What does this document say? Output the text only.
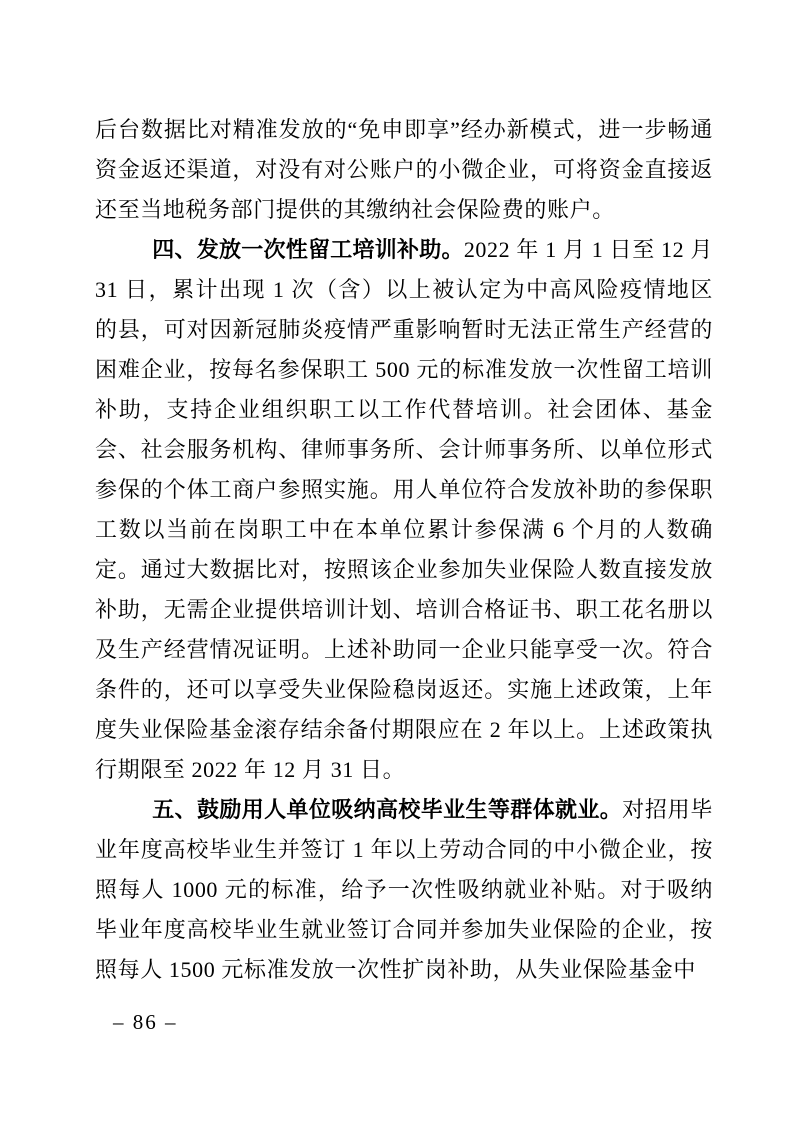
后台数据比对精准发放的“免申即享”经办新模式，进一步畅通资金返还渠道，对没有对公账户的小微企业，可将资金直接返还至当地税务部门提供的其缴纳社会保险费的账户。

四、发放一次性留工培训补助。2022 年 1 月 1 日至 12 月 31 日，累计出现 1 次（含）以上被认定为中高风险疫情地区的县，可对因新冠肺炎疫情严重影响暂时无法正常生产经营的困难企业，按每名参保职工 500 元的标准发放一次性留工培训补助，支持企业组织职工以工作代替培训。社会团体、基金会、社会服务机构、律师事务所、会计师事务所、以单位形式参保的个体工商户参照实施。用人单位符合发放补助的参保职工数以当前在岗职工中在本单位累计参保满 6 个月的人数确定。通过大数据比对，按照该企业参加失业保险人数直接发放补助，无需企业提供培训计划、培训合格证书、职工花名册以及生产经营情况证明。上述补助同一企业只能享受一次。符合条件的，还可以享受失业保险稳岗返还。实施上述政策，上年度失业保险基金滚存结余备付期限应在 2 年以上。上述政策执行期限至 2022 年 12 月 31 日。

五、鼓励用人单位吸纳高校毕业生等群体就业。对招用毕业年度高校毕业生并签订 1 年以上劳动合同的中小微企业，按照每人 1000 元的标准，给予一次性吸纳就业补贴。对于吸纳毕业年度高校毕业生就业签订合同并参加失业保险的企业，按照每人 1500 元标准发放一次性扩岗补助，从失业保险基金中

– 86 –
